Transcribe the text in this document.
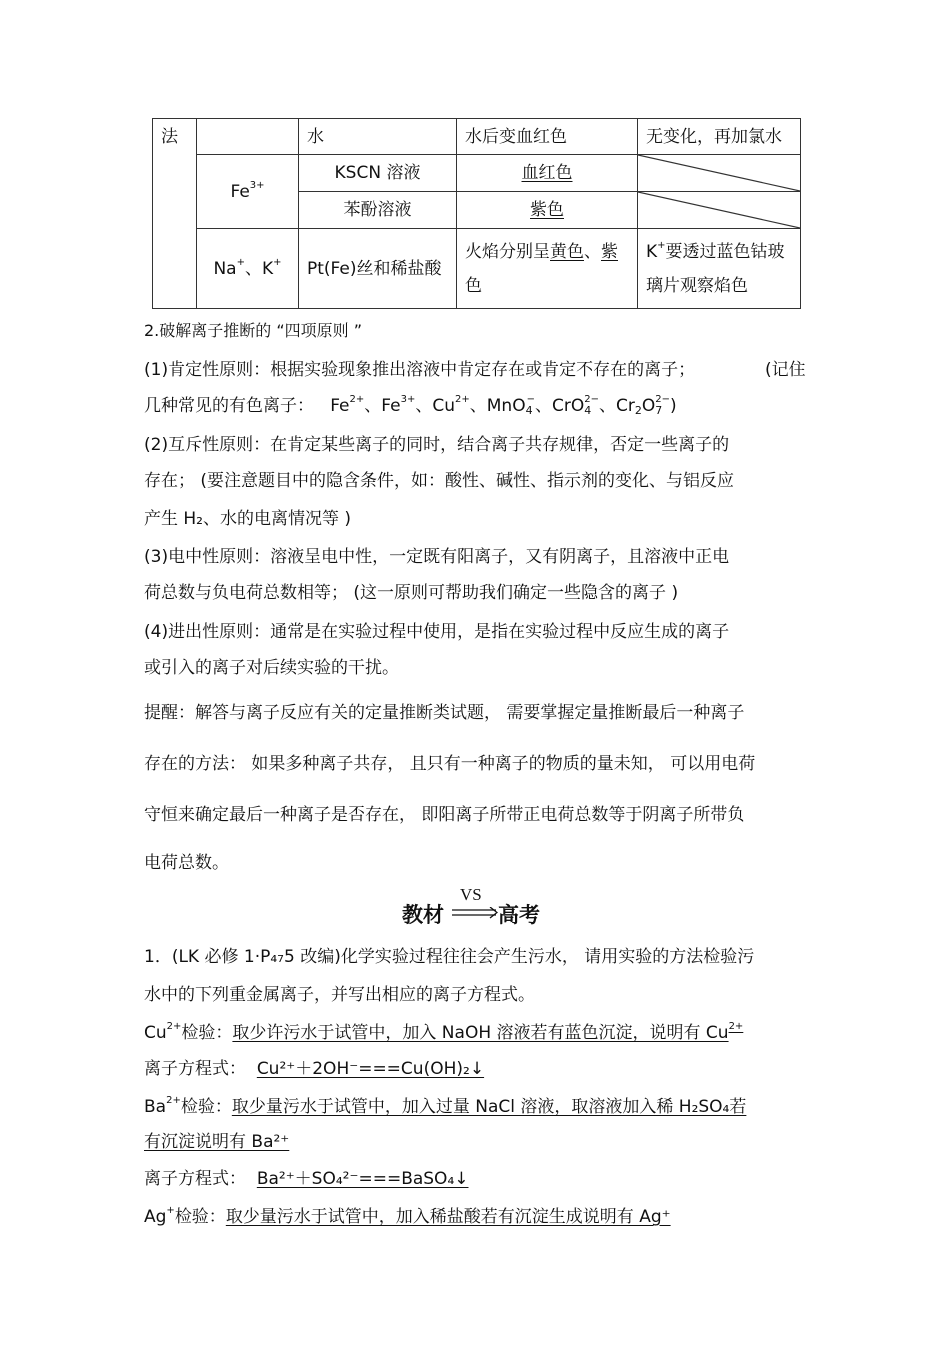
法		水	水后变血红色	无变化，再加氯水
	$Fe^{3+}$	KSCN 溶液	血红色	

		苯酚溶液	紫色	

	Na+、K+	Pt(Fe)丝和稀盐酸	火焰分别呈黄色、紫色	K+要透过蓝色钴玻璃片观察焰色
2.破解离子推断的 “四项原则 ”
(1)肯定性原则：根据实验现象推出溶液中肯定存在或肯定不存在的离子；	(记住
几种常见的有色离子：   $Fe^{2+}$、$Fe^{3+}$、$Cu^{2+}$、MnO$_4$−、CrO$_4^{2-}$、$Cr_2O_7^{2-}$)
(2)互斥性原则：在肯定某些离子的同时，结合离子共存规律，否定一些离子的
存在； (要注意题目中的隐含条件，如：酸性、碱性、指示剂的变化、与铝反应
产生 H₂、水的电离情况等 )
(3)电中性原则：溶液呈电中性，一定既有阳离子，又有阴离子，且溶液中正电
荷总数与负电荷总数相等； (这一原则可帮助我们确定一些隐含的离子 )
(4)进出性原则：通常是在实验过程中使用，是指在实验过程中反应生成的离子
或引入的离子对后续实验的干扰。
提醒：解答与离子反应有关的定量推断类试题， 需要掌握定量推断最后一种离子
存在的方法： 如果多种离子共存， 且只有一种离子的物质的量未知， 可以用电荷
守恒来确定最后一种离子是否存在， 即阳离子所带正电荷总数等于阴离子所带负
电荷总数。
教材
VS
高考
1．(LK 必修 1·P₄₇5 改编)化学实验过程往往会产生污水， 请用实验的方法检验污
水中的下列重金属离子，并写出相应的离子方程式。
$Cu^{2+}$检验：取少许污水于试管中，加入 NaOH 溶液若有蓝色沉淀，说明有 $Cu^{2+}$
离子方程式： Cu²⁺＋2OH⁻===Cu(OH)₂↓
$Ba^{2+}$检验：取少量污水于试管中，加入过量 NaCl 溶液，取溶液加入稀 H₂SO₄若
有沉淀说明有 Ba²⁺
离子方程式： Ba²⁺＋SO₄²⁻===BaSO₄↓
Ag+检验：取少量污水于试管中，加入稀盐酸若有沉淀生成说明有 Ag⁺
